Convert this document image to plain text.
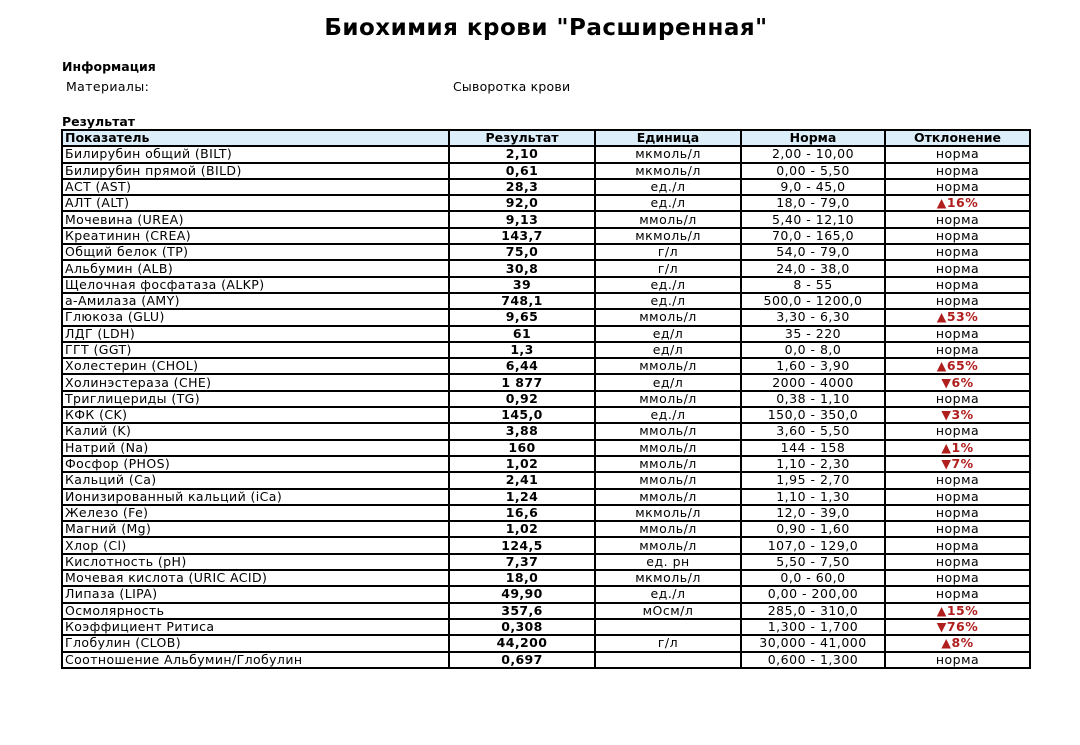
Биохимия крови "Расширенная"
Информация
Материалы:	Сыворотка крови
Результат
Показатель	Результат	Единица	Норма	Отклонение
Билирубин общий (BILT)	2,10	мкмоль/л	2,00 - 10,00	норма
Билирубин прямой (BILD)	0,61	мкмоль/л	0,00 - 5,50	норма
АСТ (AST)	28,3	ед./л	9,0 - 45,0	норма
АЛТ (ALT)	92,0	ед./л	18,0 - 79,0	▲16%
Мочевина (UREA)	9,13	ммоль/л	5,40 - 12,10	норма
Креатинин (CREA)	143,7	мкмоль/л	70,0 - 165,0	норма
Общий белок (TP)	75,0	г/л	54,0 - 79,0	норма
Альбумин (ALB)	30,8	г/л	24,0 - 38,0	норма
Щелочная фосфатаза (ALKP)	39	ед./л	8 - 55	норма
a-Амилаза (AMY)	748,1	ед./л	500,0 - 1200,0	норма
Глюкоза (GLU)	9,65	ммоль/л	3,30 - 6,30	▲53%
ЛДГ (LDH)	61	ед/л	35 - 220	норма
ГГТ (GGT)	1,3	ед/л	0,0 - 8,0	норма
Холестерин (CHOL)	6,44	ммоль/л	1,60 - 3,90	▲65%
Холинэстераза (CHE)	1 877	ед/л	2000 - 4000	▼6%
Триглицериды (TG)	0,92	ммоль/л	0,38 - 1,10	норма
КФК (CK)	145,0	ед./л	150,0 - 350,0	▼3%
Калий (K)	3,88	ммоль/л	3,60 - 5,50	норма
Натрий (Na)	160	ммоль/л	144 - 158	▲1%
Фосфор (PHOS)	1,02	ммоль/л	1,10 - 2,30	▼7%
Кальций (Ca)	2,41	ммоль/л	1,95 - 2,70	норма
Ионизированный кальций (iCa)	1,24	ммоль/л	1,10 - 1,30	норма
Железо (Fe)	16,6	мкмоль/л	12,0 - 39,0	норма
Магний (Mg)	1,02	ммоль/л	0,90 - 1,60	норма
Хлор (Cl)	124,5	ммоль/л	107,0 - 129,0	норма
Кислотность (pH)	7,37	ед. рн	5,50 - 7,50	норма
Мочевая кислота (URIC ACID)	18,0	мкмоль/л	0,0 - 60,0	норма
Липаза (LIPA)	49,90	ед./л	0,00 - 200,00	норма
Осмолярность	357,6	мОсм/л	285,0 - 310,0	▲15%
Коэффициент Ритиса	0,308		1,300 - 1,700	▼76%
Глобулин (CLOB)	44,200	г/л	30,000 - 41,000	▲8%
Соотношение Альбумин/Глобулин	0,697		0,600 - 1,300	норма
